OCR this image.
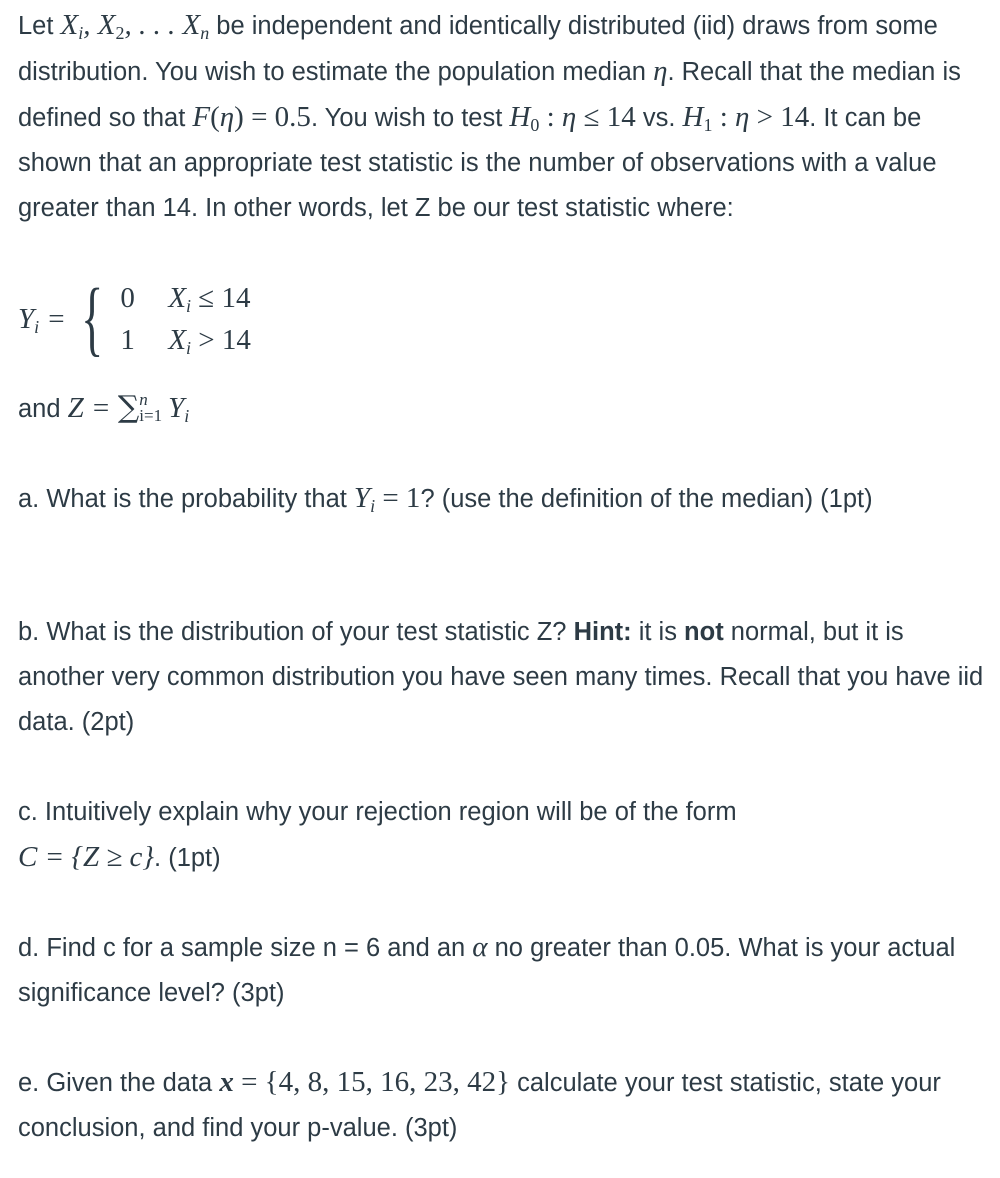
Let $X_i$, $X_2$, . . . $X_n$ be independent and identically distributed (iid) draws from some distribution. You wish to estimate the population median η. Recall that the median is defined so that F(η) = 0.5. You wish to test $H_0$ : η ≤ 14 vs. $H_1$ : η > 14. It can be shown that an appropriate test statistic is the number of observations with a value greater than 14. In other words, let Z be our test statistic where:

$Y_i$ = { 0 $X_i \le 14$
1 $X_i > 14$

and Z = ∑ n
i=1 $Y_i$

a. What is the probability that $Y_i = 1$? (use the definition of the median) (1pt)

b. What is the distribution of your test statistic Z? Hint: it is not normal, but it is another very common distribution you have seen many times. Recall that you have iid data. (2pt)

c. Intuitively explain why your rejection region will be of the form
C = {Z ≥ c}. (1pt)

d. Find c for a sample size n = 6 and an α no greater than 0.05. What is your actual significance level? (3pt)

e. Given the data x = {4, 8, 15, 16, 23, 42} calculate your test statistic, state your conclusion, and find your p-value. (3pt)
